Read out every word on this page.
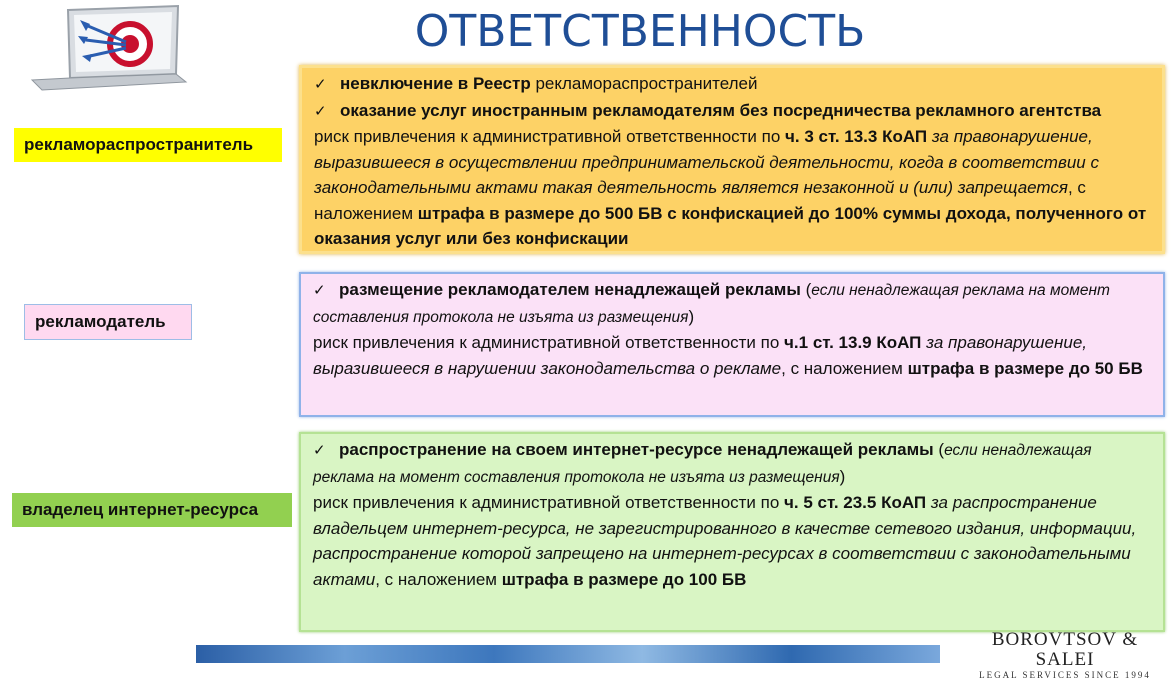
ОТВЕТСТВЕННОСТЬ
рекламораспространитель
рекламодатель
владелец интернет-ресурса
✓ невключение в Реестр рекламораспространителей
✓ оказание услуг иностранным рекламодателям без посредничества рекламного агентства
риск привлечения к административной ответственности по ч. 3 ст. 13.3 КоАП за правонарушение, выразившееся в осуществлении предпринимательской деятельности, когда в соответствии с законодательными актами такая деятельность является незаконной и (или) запрещается, с наложением штрафа в размере до 500 БВ с конфискацией до 100% суммы дохода, полученного от оказания услуг или без конфискации
✓ размещение рекламодателем ненадлежащей рекламы (если ненадлежащая реклама на момент составления протокола не изъята из размещения)
риск привлечения к административной ответственности по ч.1 ст. 13.9 КоАП за правонарушение, выразившееся в нарушении законодательства о рекламе, с наложением штрафа в размере до 50 БВ
✓ распространение на своем интернет-ресурсе ненадлежащей рекламы (если ненадлежащая реклама на момент составления протокола не изъята из размещения)
риск привлечения к административной ответственности по ч. 5 ст. 23.5 КоАП за распространение владельцем интернет-ресурса, не зарегистрированного в качестве сетевого издания, информации, распространение которой запрещено на интернет-ресурсах в соответствии с законодательными актами, с наложением штрафа в размере до 100 БВ
BOROVTSOV & SALEI
LEGAL SERVICES SINCE 1994
